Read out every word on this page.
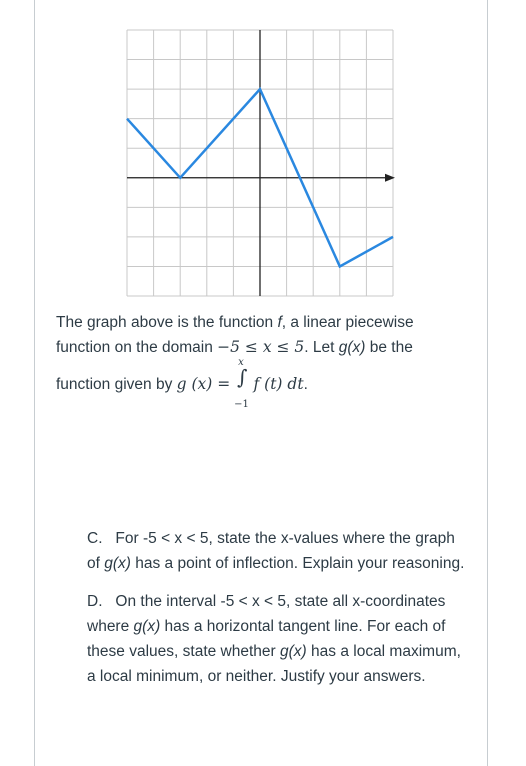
The graph above is the function f, a linear piecewise
function on the domain −5 ≤ x ≤ 5. Let g(x) be the
function given by g (x) = ∫
x
−1
f (t) dt.

C. For -5 < x < 5, state the x-values where the graph of g(x) has a point of inflection. Explain your reasoning.

D. On the interval -5 < x < 5, state all x-coordinates where g(x) has a horizontal tangent line. For each of these values, state whether g(x) has a local maximum, a local minimum, or neither. Justify your answers.
